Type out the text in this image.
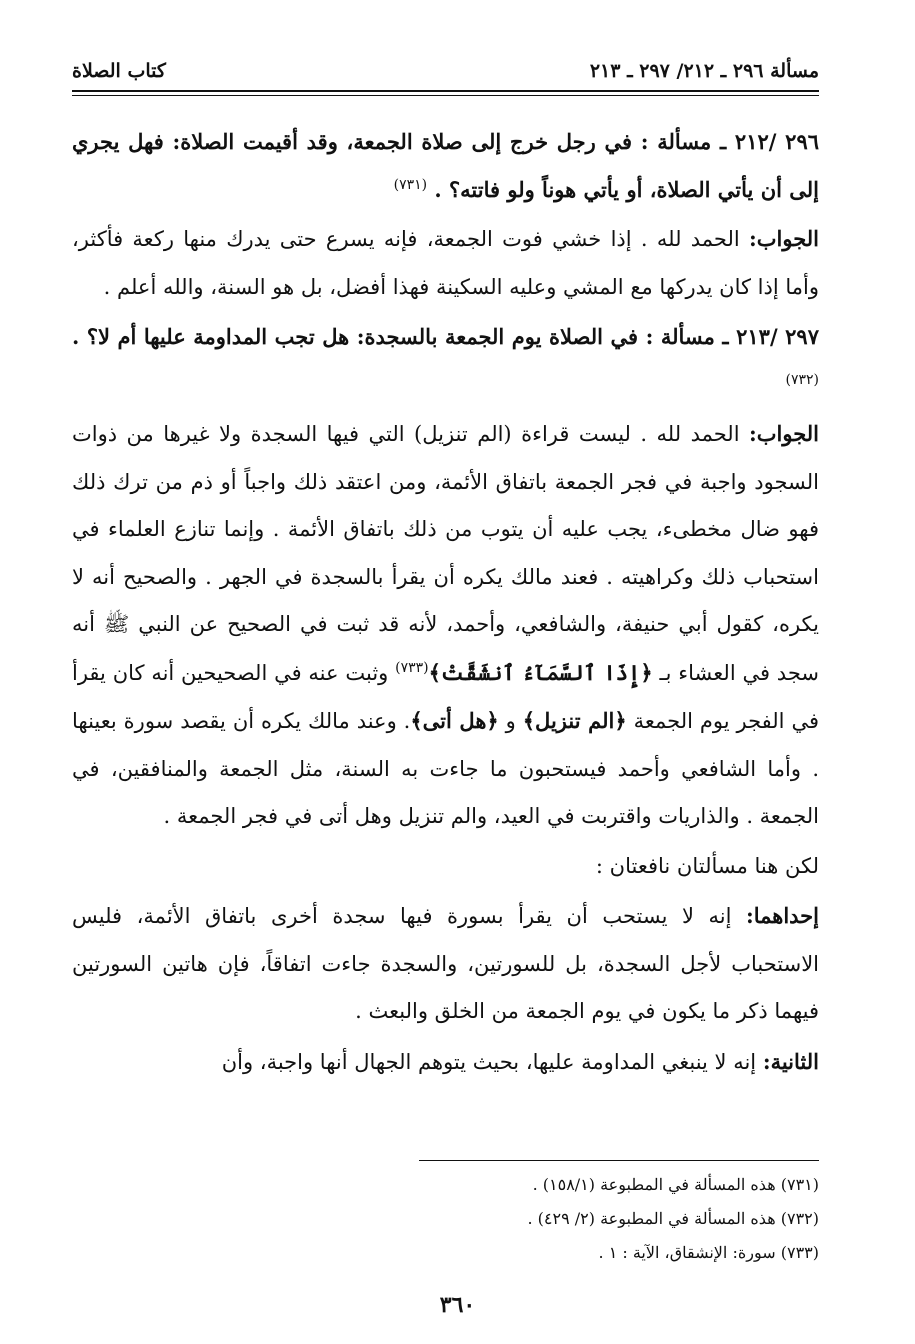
مسألة ٢٩٦ ـ ٢١٢/ ٢٩٧ ـ ٢١٣
كتاب الصلاة

٢٩٦ /٢١٢ ـ مسألة : في رجل خرج إلى صلاة الجمعة، وقد أقيمت الصلاة: فهل يجري إلى أن يأتي الصلاة، أو يأتي هوناً ولو فاتته؟ . $^{(٧٣١)}$

الجواب: الحمد لله . إذا خشي فوت الجمعة، فإنه يسرع حتى يدرك منها ركعة فأكثر، وأما إذا كان يدركها مع المشي وعليه السكينة فهذا أفضل، بل هو السنة، والله أعلم .

٢٩٧ /٢١٣ ـ مسألة : في الصلاة يوم الجمعة بالسجدة: هل تجب المداومة عليها أم لا؟ . $^{(٧٣٢)}$

الجواب: الحمد لله . ليست قراءة (الم تنزيل) التي فيها السجدة ولا غيرها من ذوات السجود واجبة في فجر الجمعة باتفاق الأئمة، ومن اعتقد ذلك واجباً أو ذم من ترك ذلك فهو ضال مخطىء، يجب عليه أن يتوب من ذلك باتفاق الأئمة . وإنما تنازع العلماء في استحباب ذلك وكراهيته . فعند مالك يكره أن يقرأ بالسجدة في الجهر . والصحيح أنه لا يكره، كقول أبي حنيفة، والشافعي، وأحمد، لأنه قد ثبت في الصحيح عن النبي ﷺ أنه سجد في العشاء بـ ﴿إِذَا ٱلسَّمَآءُ ٱنشَقَّتْ﴾$^{(٧٣٣)}$ وثبت عنه في الصحيحين أنه كان يقرأ في الفجر يوم الجمعة ﴿الم تنزيل﴾ و ﴿هل أتى﴾. وعند مالك يكره أن يقصد سورة بعينها . وأما الشافعي وأحمد فيستحبون ما جاءت به السنة، مثل الجمعة والمنافقين، في الجمعة . والذاريات واقتربت في العيد، والم تنزيل وهل أتى في فجر الجمعة .

لكن هنا مسألتان نافعتان :

إحداهما: إنه لا يستحب أن يقرأ بسورة فيها سجدة أخرى باتفاق الأئمة، فليس الاستحباب لأجل السجدة، بل للسورتين، والسجدة جاءت اتفاقاً، فإن هاتين السورتين فيهما ذكر ما يكون في يوم الجمعة من الخلق والبعث .

الثانية: إنه لا ينبغي المداومة عليها، بحيث يتوهم الجهال أنها واجبة، وأن

(٧٣١) هذه المسألة في المطبوعة (١٥٨/١) .

(٧٣٢) هذه المسألة في المطبوعة (٢/ ٤٢٩) .

(٧٣٣) سورة: الإنشقاق، الآية : ١ .

٣٦٠
